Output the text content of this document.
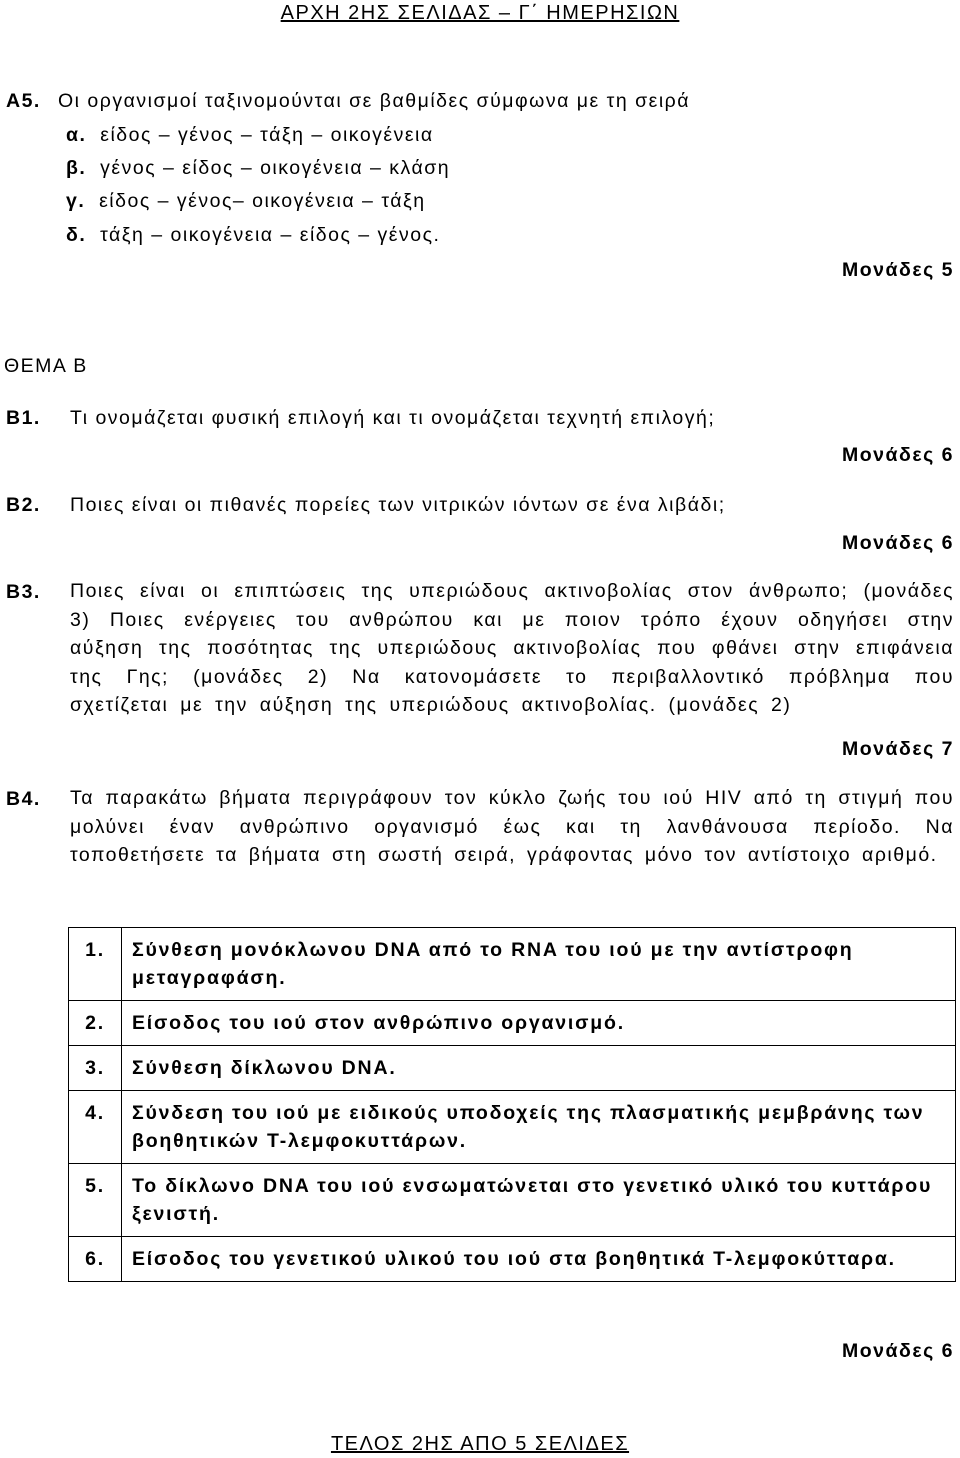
ΑΡΧΗ 2ΗΣ ΣΕΛΙΔΑΣ – Γ΄ ΗΜΕΡΗΣΙΩΝ
Α5. Οι οργανισμοί ταξινομούνται σε βαθμίδες σύμφωνα με τη σειρά
α. είδος – γένος – τάξη – οικογένεια
β. γένος – είδος – οικογένεια – κλάση
γ. είδος – γένος– οικογένεια – τάξη
δ. τάξη – οικογένεια – είδος – γένος.
Μονάδες 5
ΘΕΜΑ Β
Β1. Τι ονομάζεται φυσική επιλογή και τι ονομάζεται τεχνητή επιλογή;
Μονάδες 6
Β2. Ποιες είναι οι πιθανές πορείες των νιτρικών ιόντων σε ένα λιβάδι;
Μονάδες 6
Β3. Ποιες είναι οι επιπτώσεις της υπεριώδους ακτινοβολίας στον άνθρωπο; (μονάδες 3) Ποιες ενέργειες του ανθρώπου και με ποιον τρόπο έχουν οδηγήσει στην αύξηση της ποσότητας της υπεριώδους ακτινοβολίας που φθάνει στην επιφάνεια της Γης; (μονάδες 2) Να κατονομάσετε το περιβαλλοντικό πρόβλημα που σχετίζεται με την αύξηση της υπεριώδους ακτινοβολίας. (μονάδες 2)
Μονάδες 7
Β4. Τα παρακάτω βήματα περιγράφουν τον κύκλο ζωής του ιού HIV από τη στιγμή που μολύνει έναν ανθρώπινο οργανισμό έως και τη λανθάνουσα περίοδο. Να τοποθετήσετε τα βήματα στη σωστή σειρά, γράφοντας μόνο τον αντίστοιχο αριθμό.
1.	Σύνθεση μονόκλωνου DNA από το RNA του ιού με την αντίστροφη μεταγραφάση.
2.	Είσοδος του ιού στον ανθρώπινο οργανισμό.
3.	Σύνθεση δίκλωνου DNA.
4.	Σύνδεση του ιού με ειδικούς υποδοχείς της πλασματικής μεμβράνης των βοηθητικών Τ-λεμφοκυττάρων.
5.	Το δίκλωνο DNA του ιού ενσωματώνεται στο γενετικό υλικό του κυττάρου ξενιστή.
6.	Είσοδος του γενετικού υλικού του ιού στα βοηθητικά Τ-λεμφοκύτταρα.
Μονάδες 6
ΤΕΛΟΣ 2ΗΣ ΑΠΟ 5 ΣΕΛΙΔΕΣ
